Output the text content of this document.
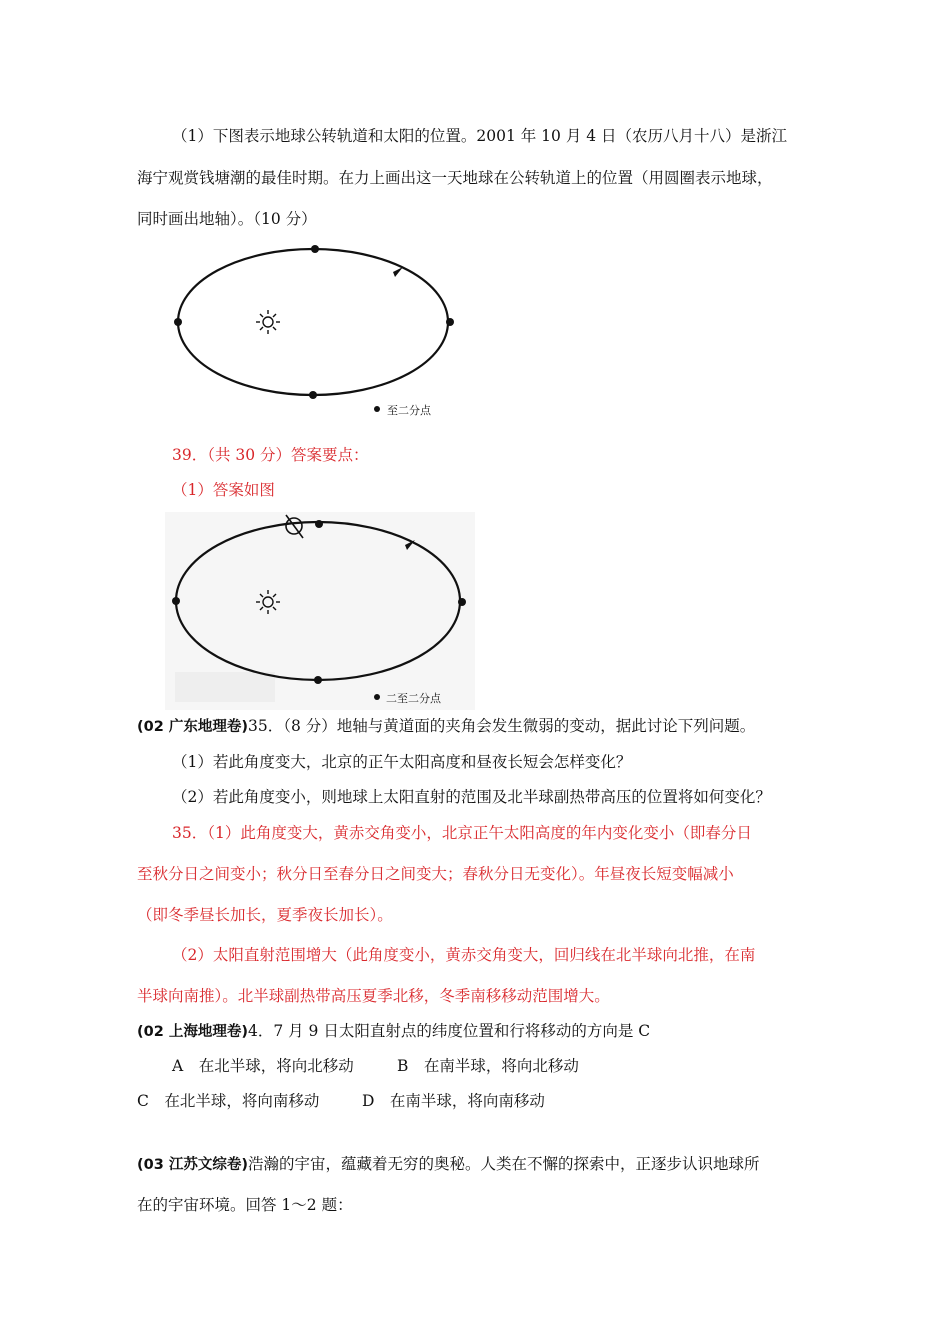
（1）下图表示地球公转轨道和太阳的位置。2001 年 10 月 4 日（农历八月十八）是浙江
海宁观赏钱塘潮的最佳时期。在力上画出这一天地球在公转轨道上的位置（用圆圈表示地球，
同时画出地轴）。（10 分）
至二分点
39．（共 30 分）答案要点：
（1）答案如图
二至二分点
(02 广东地理卷)35．（8 分）地轴与黄道面的夹角会发生微弱的变动，据此讨论下列问题。
（1）若此角度变大，北京的正午太阳高度和昼夜长短会怎样变化？
（2）若此角度变小，则地球上太阳直射的范围及北半球副热带高压的位置将如何变化？
35．（1）此角度变大，黄赤交角变小，北京正午太阳高度的年内变化变小（即春分日
至秋分日之间变小；秋分日至春分日之间变大；春秋分日无变化）。年昼夜长短变幅减小
（即冬季昼长加长，夏季夜长加长）。
（2）太阳直射范围增大（此角度变小，黄赤交角变大，回归线在北半球向北推，在南
半球向南推）。北半球副热带高压夏季北移，冬季南移移动范围增大。
(02 上海地理卷)4．7 月 9 日太阳直射点的纬度位置和行将移动的方向是 C
A　在北半球，将向北移动	B　在南半球，将向北移动
C　在北半球，将向南移动	D　在南半球，将向南移动
(03 江苏文综卷)浩瀚的宇宙，蕴藏着无穷的奥秘。人类在不懈的探索中，正逐步认识地球所
在的宇宙环境。回答 1～2 题：
